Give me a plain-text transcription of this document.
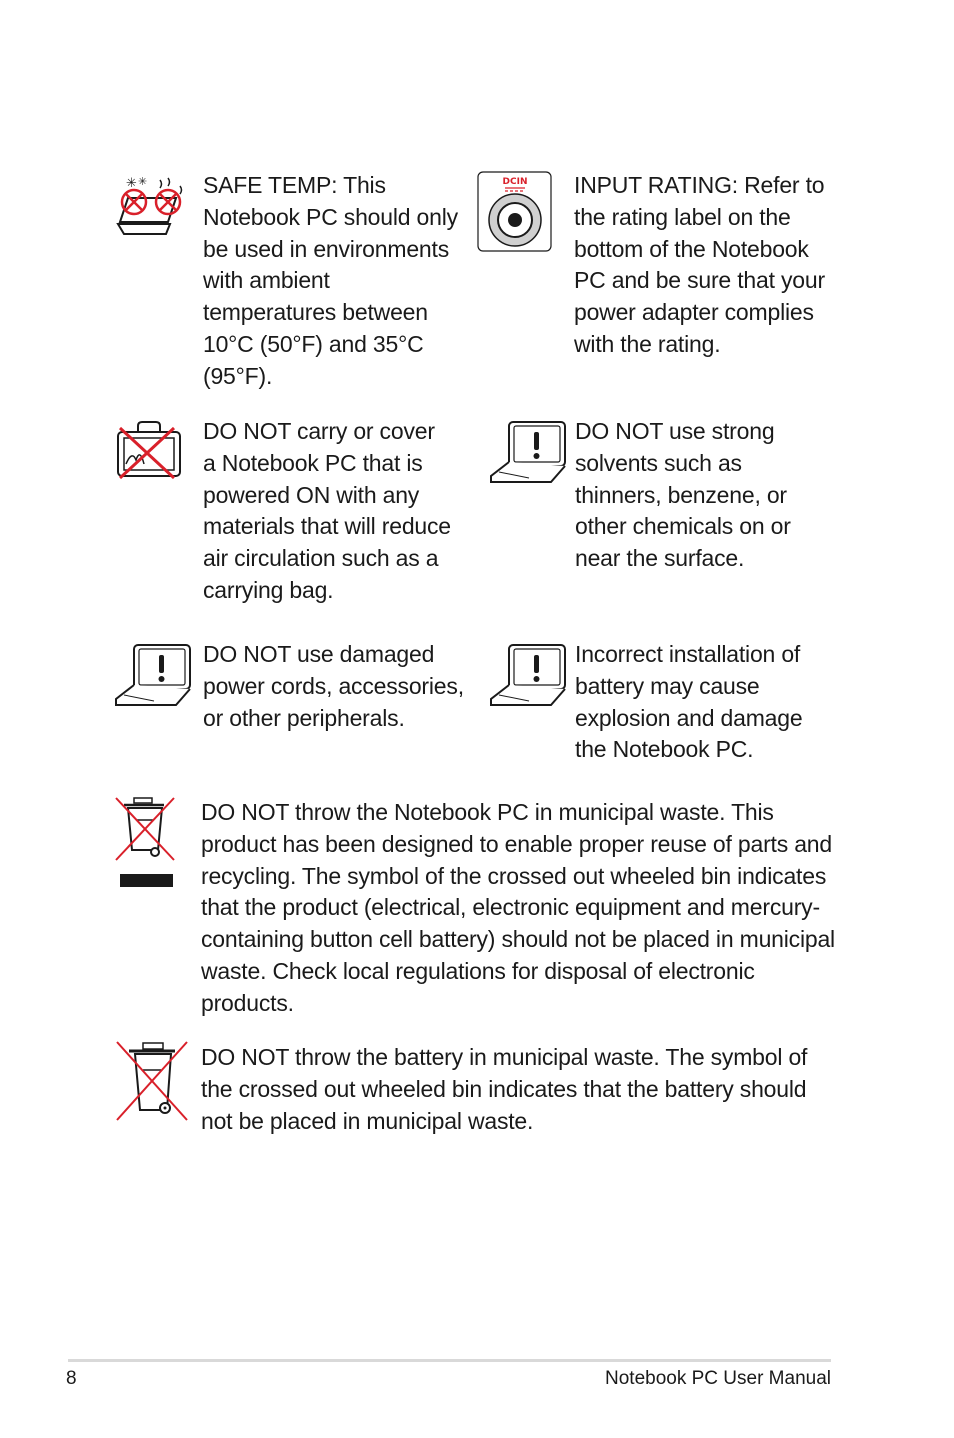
✳ ✳ SAFE TEMP: This Notebook PC should only be used in environments with ambient temperatures between 10°C (50°F) and 35°C (95°F).
DCIN INPUT RATING: Refer to the rating label on the bottom of the Notebook PC and be sure that your power adapter complies with the rating.
DO NOT carry or cover a Notebook PC that is powered ON with any materials that will reduce air circulation such as a carrying bag.
DO NOT use strong solvents such as thinners, benzene, or other chemicals on or near the surface.
DO NOT use damaged power cords, accessories, or other peripherals.
Incorrect installation of battery may cause explosion and damage the Notebook PC.
DO NOT throw the Notebook PC in municipal waste. This product has been designed to enable proper reuse of parts and recycling. The symbol of the crossed out wheeled bin indicates that the product (electrical, electronic equipment and mercury-containing button cell battery) should not be placed in municipal waste. Check local regulations for disposal of electronic products.
DO NOT throw the battery in municipal waste. The symbol of the crossed out wheeled bin indicates that the battery should not be placed in municipal waste.
8	Notebook PC User Manual
